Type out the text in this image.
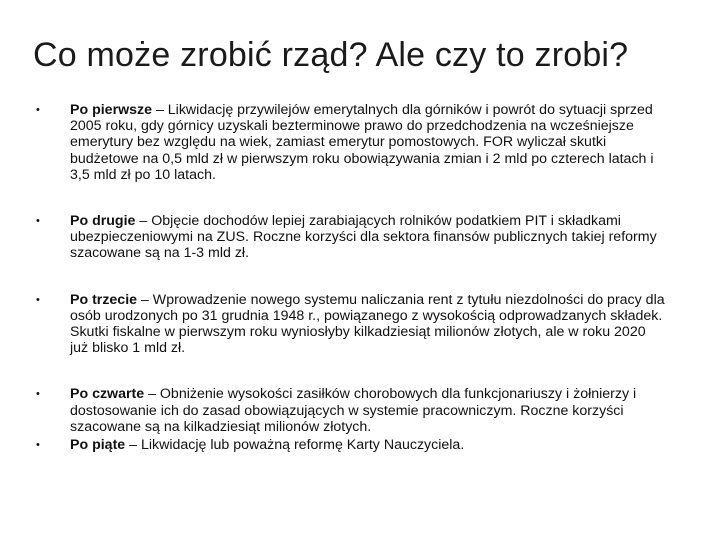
Co może zrobić rząd? Ale czy to zrobi?
• Po pierwsze – Likwidację przywilejów emerytalnych dla górników i powrót do sytuacji sprzed 2005 roku, gdy górnicy uzyskali bezterminowe prawo do przedchodzenia na wcześniejsze emerytury bez względu na wiek, zamiast emerytur pomostowych. FOR wyliczał skutki budżetowe na 0,5 mld zł w pierwszym roku obowiązywania zmian i 2 mld po czterech latach i 3,5 mld zł po 10 latach.
• Po drugie – Objęcie dochodów lepiej zarabiających rolników podatkiem PIT i składkami ubezpieczeniowymi na ZUS. Roczne korzyści dla sektora finansów publicznych takiej reformy szacowane są na 1-3 mld zł.
• Po trzecie – Wprowadzenie nowego systemu naliczania rent z tytułu niezdolności do pracy dla osób urodzonych po 31 grudnia 1948 r., powiązanego z wysokością odprowadzanych składek. Skutki fiskalne w pierwszym roku wyniosłyby kilkadziesiąt milionów złotych, ale w roku 2020 już blisko 1 mld zł.
• Po czwarte – Obniżenie wysokości zasiłków chorobowych dla funkcjonariuszy i żołnierzy i dostosowanie ich do zasad obowiązujących w systemie pracowniczym. Roczne korzyści szacowane są na kilkadziesiąt milionów złotych.
• Po piąte – Likwidację lub poważną reformę Karty Nauczyciela.
